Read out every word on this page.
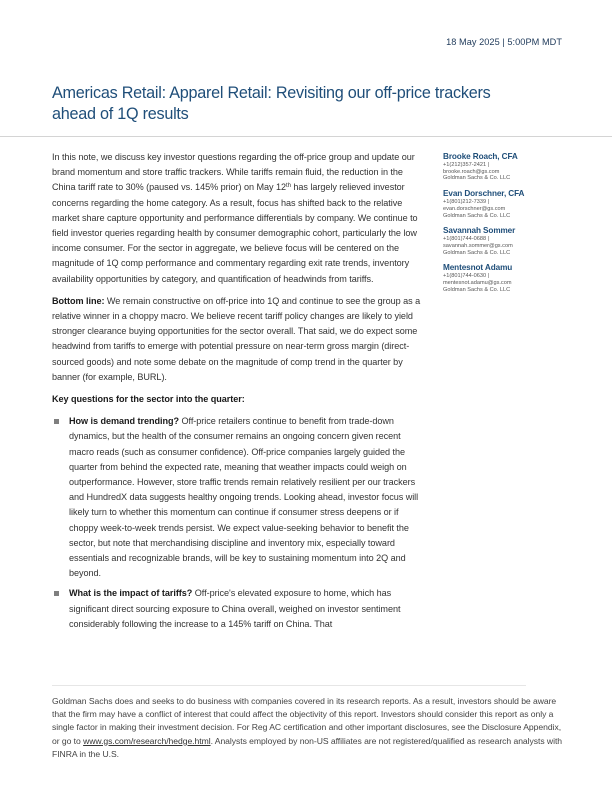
18 May 2025 | 5:00PM MDT
Americas Retail: Apparel Retail: Revisiting our off-price trackers ahead of 1Q results

In this note, we discuss key investor questions regarding the off-price group and update our brand momentum and store traffic trackers. While tariffs remain fluid, the reduction in the China tariff rate to 30% (paused vs. 145% prior) on May 12th has largely relieved investor concerns regarding the home category. As a result, focus has shifted back to the relative market share capture opportunity and performance differentials by company. We continue to field investor queries regarding health by consumer demographic cohort, particularly the low income consumer. For the sector in aggregate, we believe focus will be centered on the magnitude of 1Q comp performance and commentary regarding exit rate trends, inventory availability opportunities by category, and quantification of headwinds from tariffs.

Bottom line: We remain constructive on off-price into 1Q and continue to see the group as a relative winner in a choppy macro. We believe recent tariff policy changes are likely to yield stronger clearance buying opportunities for the sector overall. That said, we do expect some headwind from tariffs to emerge with potential pressure on near-term gross margin (direct-sourced goods) and note some debate on the magnitude of comp trend in the quarter by banner (for example, BURL).

Key questions for the sector into the quarter:

How is demand trending? Off-price retailers continue to benefit from trade-down dynamics, but the health of the consumer remains an ongoing concern given recent macro reads (such as consumer confidence). Off-price companies largely guided the quarter from behind the expected rate, meaning that weather impacts could weigh on outperformance. However, store traffic trends remain relatively resilient per our trackers and HundredX data suggests healthy ongoing trends. Looking ahead, investor focus will likely turn to whether this momentum can continue if consumer stress deepens or if choppy week-to-week trends persist. We expect value-seeking behavior to benefit the sector, but note that merchandising discipline and inventory mix, especially toward essentials and recognizable brands, will be key to sustaining momentum into 2Q and beyond.
What is the impact of tariffs? Off-price's elevated exposure to home, which has significant direct sourcing exposure to China overall, weighed on investor sentiment considerably following the increase to a 145% tariff on China. That
Brooke Roach, CFA
+1(212)357-2421 |
brooke.roach@gs.com
Goldman Sachs & Co. LLC
Evan Dorschner, CFA
+1(801)212-7339 |
evan.dorschner@gs.com
Goldman Sachs & Co. LLC
Savannah Sommer
+1(801)744-0688 |
savannah.sommer@gs.com
Goldman Sachs & Co. LLC
Mentesnot Adamu
+1(801)744-0630 |
mentesnot.adamu@gs.com
Goldman Sachs & Co. LLC
Goldman Sachs does and seeks to do business with companies covered in its research reports. As a result, investors should be aware that the firm may have a conflict of interest that could affect the objectivity of this report. Investors should consider this report as only a single factor in making their investment decision. For Reg AC certification and other important disclosures, see the Disclosure Appendix, or go to www.gs.com/research/hedge.html. Analysts employed by non-US affiliates are not registered/qualified as research analysts with FINRA in the U.S.
